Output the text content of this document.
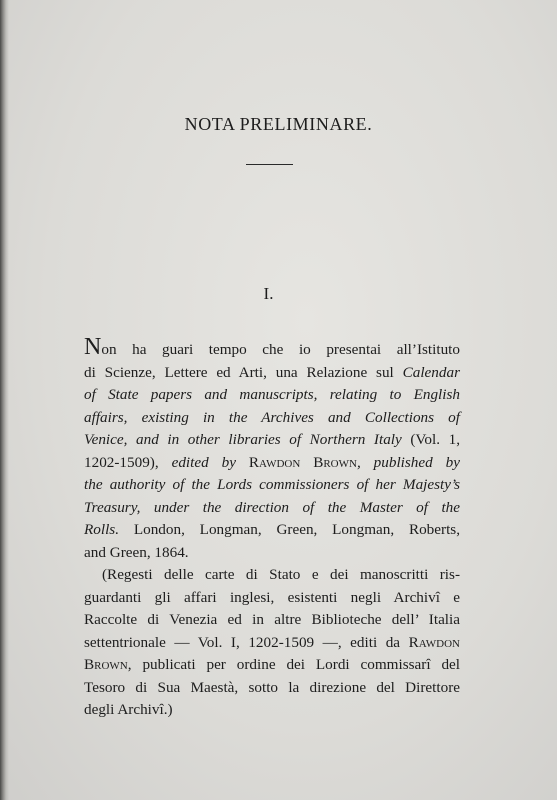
NOTA PRELIMINARE.
I.
Non ha guari tempo che io presentai all’Istituto
di Scienze, Lettere ed Arti, una Relazione sul Calendar
of State papers and manuscripts, relating to English
affairs, existing in the Archives and Collections of
Venice, and in other libraries of Northern Italy (Vol. 1,
1202-1509), edited by Rawdon Brown, published by
the authority of the Lords commissioners of her Majesty’s
Treasury, under the direction of the Master of the
Rolls. London, Longman, Green, Longman, Roberts,
and Green, 1864.
(Regesti delle carte di Stato e dei manoscritti ris-
guardanti gli affari inglesi, esistenti negli Archivî e
Raccolte di Venezia ed in altre Biblioteche dell’ Italia
settentrionale — Vol. I, 1202-1509 —, editi da Rawdon
Brown, publicati per ordine dei Lordi commissarî del
Tesoro di Sua Maestà, sotto la direzione del Direttore
degli Archivî.)
